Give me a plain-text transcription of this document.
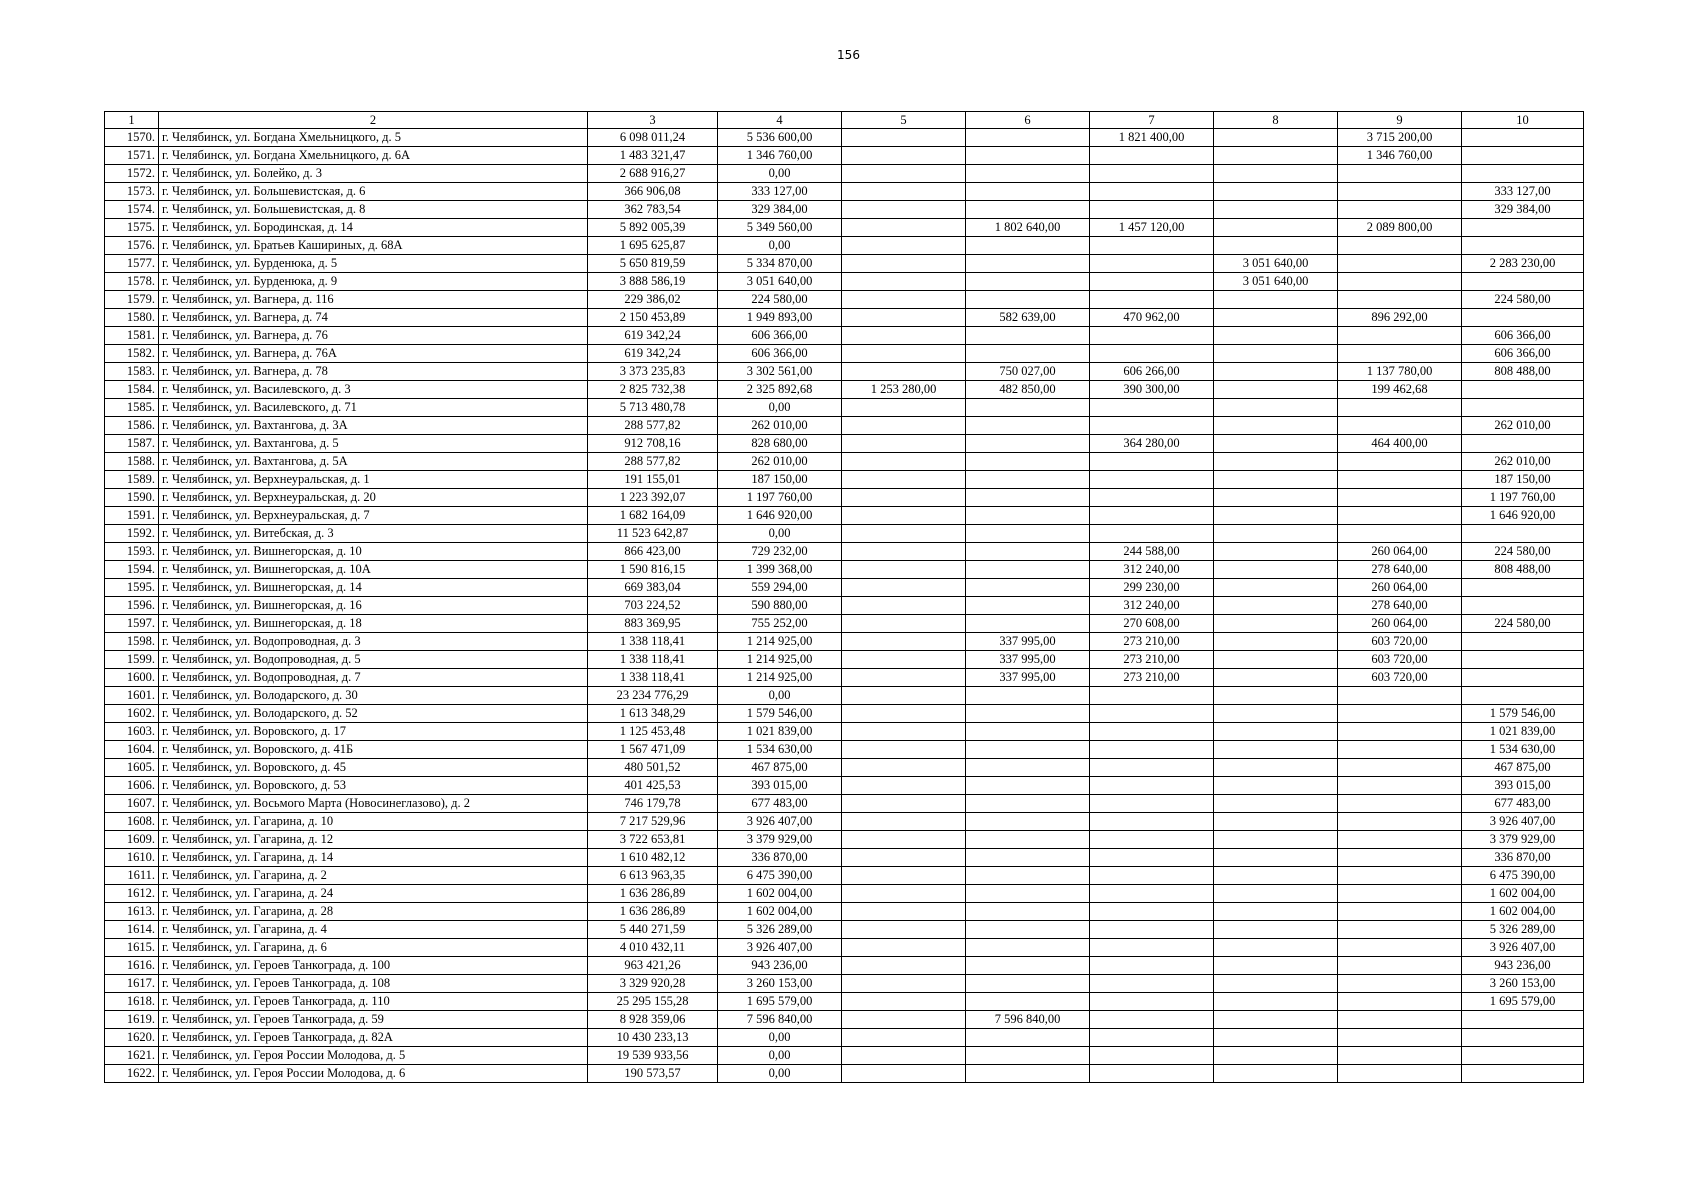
156
1	2	3	4	5	6	7	8	9	10
1570.	г. Челябинск, ул. Богдана Хмельницкого, д. 5	6 098 011,24	5 536 600,00			1 821 400,00		3 715 200,00	
1571.	г. Челябинск, ул. Богдана Хмельницкого, д. 6А	1 483 321,47	1 346 760,00					1 346 760,00	
1572.	г. Челябинск, ул. Болейко, д. 3	2 688 916,27	0,00						
1573.	г. Челябинск, ул. Большевистская, д. 6	366 906,08	333 127,00						333 127,00
1574.	г. Челябинск, ул. Большевистская, д. 8	362 783,54	329 384,00						329 384,00
1575.	г. Челябинск, ул. Бородинская, д. 14	5 892 005,39	5 349 560,00		1 802 640,00	1 457 120,00		2 089 800,00	
1576.	г. Челябинск, ул. Братьев Кашириных, д. 68А	1 695 625,87	0,00						
1577.	г. Челябинск, ул. Бурденюка, д. 5	5 650 819,59	5 334 870,00				3 051 640,00		2 283 230,00
1578.	г. Челябинск, ул. Бурденюка, д. 9	3 888 586,19	3 051 640,00				3 051 640,00		
1579.	г. Челябинск, ул. Вагнера, д. 116	229 386,02	224 580,00						224 580,00
1580.	г. Челябинск, ул. Вагнера, д. 74	2 150 453,89	1 949 893,00		582 639,00	470 962,00		896 292,00	
1581.	г. Челябинск, ул. Вагнера, д. 76	619 342,24	606 366,00						606 366,00
1582.	г. Челябинск, ул. Вагнера, д. 76А	619 342,24	606 366,00						606 366,00
1583.	г. Челябинск, ул. Вагнера, д. 78	3 373 235,83	3 302 561,00		750 027,00	606 266,00		1 137 780,00	808 488,00
1584.	г. Челябинск, ул. Василевского, д. 3	2 825 732,38	2 325 892,68	1 253 280,00	482 850,00	390 300,00		199 462,68	
1585.	г. Челябинск, ул. Василевского, д. 71	5 713 480,78	0,00						
1586.	г. Челябинск, ул. Вахтангова, д. 3А	288 577,82	262 010,00						262 010,00
1587.	г. Челябинск, ул. Вахтангова, д. 5	912 708,16	828 680,00			364 280,00		464 400,00	
1588.	г. Челябинск, ул. Вахтангова, д. 5А	288 577,82	262 010,00						262 010,00
1589.	г. Челябинск, ул. Верхнеуральская, д. 1	191 155,01	187 150,00						187 150,00
1590.	г. Челябинск, ул. Верхнеуральская, д. 20	1 223 392,07	1 197 760,00						1 197 760,00
1591.	г. Челябинск, ул. Верхнеуральская, д. 7	1 682 164,09	1 646 920,00						1 646 920,00
1592.	г. Челябинск, ул. Витебская, д. 3	11 523 642,87	0,00						
1593.	г. Челябинск, ул. Вишнегорская, д. 10	866 423,00	729 232,00			244 588,00		260 064,00	224 580,00
1594.	г. Челябинск, ул. Вишнегорская, д. 10А	1 590 816,15	1 399 368,00			312 240,00		278 640,00	808 488,00
1595.	г. Челябинск, ул. Вишнегорская, д. 14	669 383,04	559 294,00			299 230,00		260 064,00	
1596.	г. Челябинск, ул. Вишнегорская, д. 16	703 224,52	590 880,00			312 240,00		278 640,00	
1597.	г. Челябинск, ул. Вишнегорская, д. 18	883 369,95	755 252,00			270 608,00		260 064,00	224 580,00
1598.	г. Челябинск, ул. Водопроводная, д. 3	1 338 118,41	1 214 925,00		337 995,00	273 210,00		603 720,00	
1599.	г. Челябинск, ул. Водопроводная, д. 5	1 338 118,41	1 214 925,00		337 995,00	273 210,00		603 720,00	
1600.	г. Челябинск, ул. Водопроводная, д. 7	1 338 118,41	1 214 925,00		337 995,00	273 210,00		603 720,00	
1601.	г. Челябинск, ул. Володарского, д. 30	23 234 776,29	0,00						
1602.	г. Челябинск, ул. Володарского, д. 52	1 613 348,29	1 579 546,00						1 579 546,00
1603.	г. Челябинск, ул. Воровского, д. 17	1 125 453,48	1 021 839,00						1 021 839,00
1604.	г. Челябинск, ул. Воровского, д. 41Б	1 567 471,09	1 534 630,00						1 534 630,00
1605.	г. Челябинск, ул. Воровского, д. 45	480 501,52	467 875,00						467 875,00
1606.	г. Челябинск, ул. Воровского, д. 53	401 425,53	393 015,00						393 015,00
1607.	г. Челябинск, ул. Восьмого Марта (Новосинеглазово), д. 2	746 179,78	677 483,00						677 483,00
1608.	г. Челябинск, ул. Гагарина, д. 10	7 217 529,96	3 926 407,00						3 926 407,00
1609.	г. Челябинск, ул. Гагарина, д. 12	3 722 653,81	3 379 929,00						3 379 929,00
1610.	г. Челябинск, ул. Гагарина, д. 14	1 610 482,12	336 870,00						336 870,00
1611.	г. Челябинск, ул. Гагарина, д. 2	6 613 963,35	6 475 390,00						6 475 390,00
1612.	г. Челябинск, ул. Гагарина, д. 24	1 636 286,89	1 602 004,00						1 602 004,00
1613.	г. Челябинск, ул. Гагарина, д. 28	1 636 286,89	1 602 004,00						1 602 004,00
1614.	г. Челябинск, ул. Гагарина, д. 4	5 440 271,59	5 326 289,00						5 326 289,00
1615.	г. Челябинск, ул. Гагарина, д. 6	4 010 432,11	3 926 407,00						3 926 407,00
1616.	г. Челябинск, ул. Героев Танкограда, д. 100	963 421,26	943 236,00						943 236,00
1617.	г. Челябинск, ул. Героев Танкограда, д. 108	3 329 920,28	3 260 153,00						3 260 153,00
1618.	г. Челябинск, ул. Героев Танкограда, д. 110	25 295 155,28	1 695 579,00						1 695 579,00
1619.	г. Челябинск, ул. Героев Танкограда, д. 59	8 928 359,06	7 596 840,00		7 596 840,00				
1620.	г. Челябинск, ул. Героев Танкограда, д. 82А	10 430 233,13	0,00						
1621.	г. Челябинск, ул. Героя России Молодова, д. 5	19 539 933,56	0,00						
1622.	г. Челябинск, ул. Героя России Молодова, д. 6	190 573,57	0,00						
